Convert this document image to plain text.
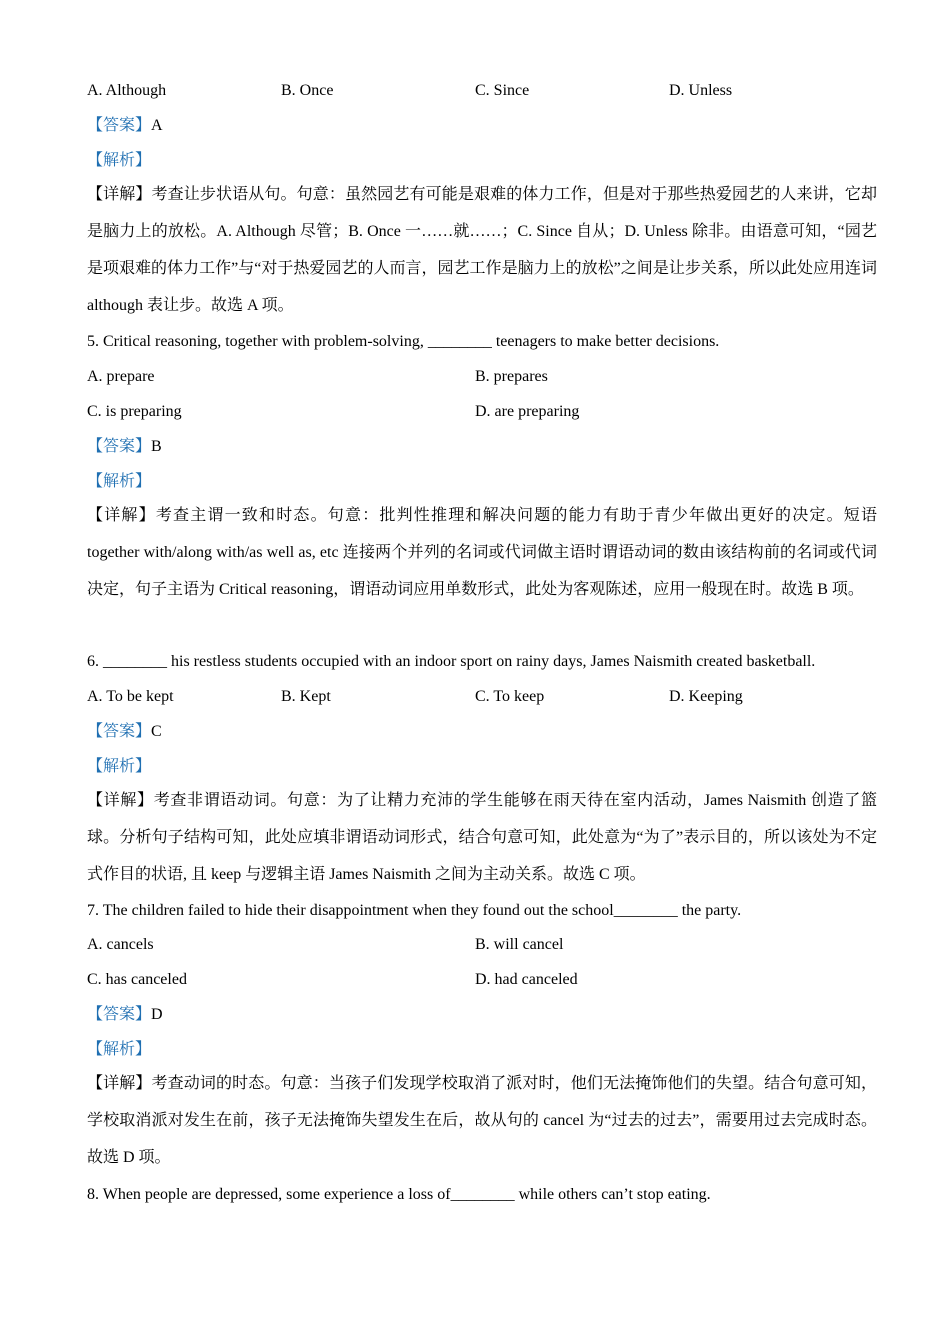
A. Although	B. Once	C. Since	D. Unless
【答案】A
【解析】
【详解】考查让步状语从句。句意：虽然园艺有可能是艰难的体力工作，但是对于那些热爱园艺的人来讲，它却是脑力上的放松。A. Although 尽管；B. Once 一……就……；C. Since 自从；D. Unless 除非。由语意可知，“园艺是项艰难的体力工作”与“对于热爱园艺的人而言，园艺工作是脑力上的放松”之间是让步关系，所以此处应用连词 although 表让步。故选 A 项。
5. Critical reasoning, together with problem-solving, ________ teenagers to make better decisions.
A. prepare	B. prepares
C. is preparing	D. are preparing
【答案】B
【解析】
【详解】考查主谓一致和时态。句意：批判性推理和解决问题的能力有助于青少年做出更好的决定。短语 together with/along with/as well as, etc 连接两个并列的名词或代词做主语时谓语动词的数由该结构前的名词或代词决定，句子主语为 Critical reasoning，谓语动词应用单数形式，此处为客观陈述，应用一般现在时。故选 B 项。
6. ________ his restless students occupied with an indoor sport on rainy days, James Naismith created basketball.
A. To be kept	B. Kept	C. To keep	D. Keeping
【答案】C
【解析】
【详解】考查非谓语动词。句意：为了让精力充沛的学生能够在雨天待在室内活动，James Naismith 创造了篮球。分析句子结构可知，此处应填非谓语动词形式，结合句意可知，此处意为“为了”表示目的，所以该处为不定式作目的状语, 且 keep 与逻辑主语 James Naismith 之间为主动关系。故选 C 项。
7. The children failed to hide their disappointment when they found out the school________ the party.
A. cancels	B. will cancel
C. has canceled	D. had canceled
【答案】D
【解析】
【详解】考查动词的时态。句意：当孩子们发现学校取消了派对时，他们无法掩饰他们的失望。结合句意可知，学校取消派对发生在前，孩子无法掩饰失望发生在后，故从句的 cancel 为“过去的过去”，需要用过去完成时态。故选 D 项。
8. When people are depressed, some experience a loss of________ while others can’t stop eating.
